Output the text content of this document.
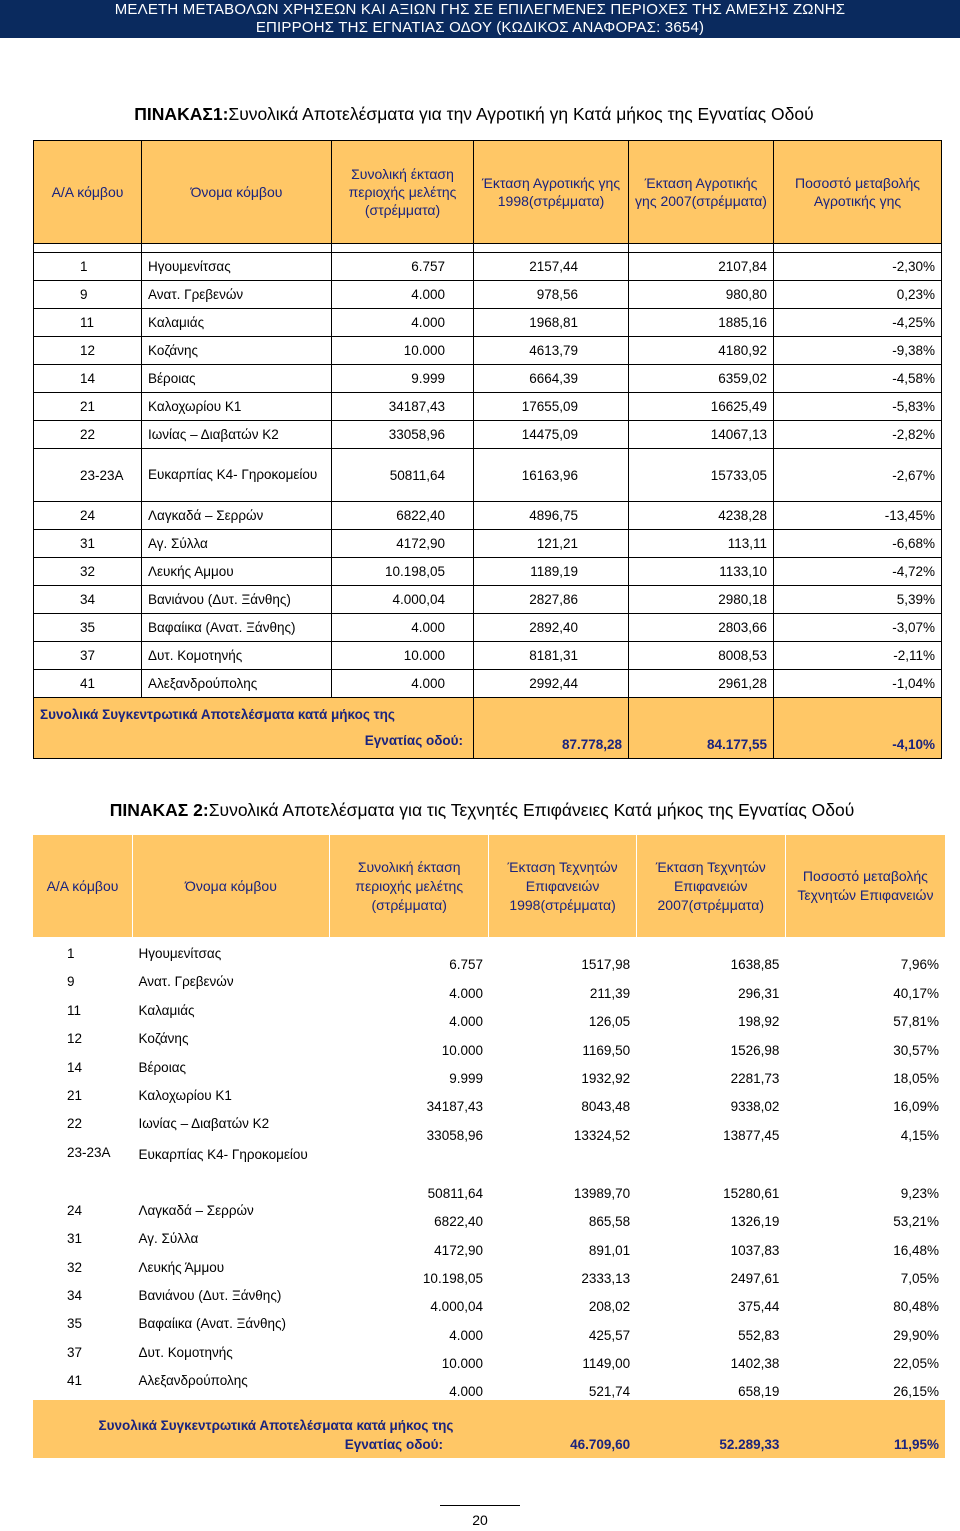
ΜΕΛΕΤΗ ΜΕΤΑΒΟΛΩΝ ΧΡΗΣΕΩΝ ΚΑΙ ΑΞΙΩΝ ΓΗΣ ΣΕ ΕΠΙΛΕΓΜΕΝΕΣ ΠΕΡΙΟΧΕΣ ΤΗΣ ΑΜΕΣΗΣ ΖΩΝΗΣ
ΕΠΙΡΡΟΗΣ ΤΗΣ ΕΓΝΑΤΙΑΣ ΟΔΟΥ (ΚΩΔΙΚΟΣ ΑΝΑΦΟΡΑΣ: 3654)
ΠΙΝΑΚΑΣ1:Συνολικά Αποτελέσματα για την Αγροτική γη Κατά μήκος της Εγνατίας Οδού
Α/Α κόμβου	Όνομα κόμβου	Συνολική έκταση περιοχής μελέτης (στρέμματα)	Έκταση Αγροτικής γης 1998(στρέμματα)	Έκταση Αγροτικής γης 2007(στρέμματα)	Ποσοστό μεταβολής Αγροτικής γης

1	Ηγουμενίτσας	6.757	2157,44	2107,84	-2,30%
9	Ανατ. Γρεβενών	4.000	978,56	980,80	0,23%
11	Καλαμιάς	4.000	1968,81	1885,16	-4,25%
12	Κοζάνης	10.000	4613,79	4180,92	-9,38%
14	Βέροιας	9.999	6664,39	6359,02	-4,58%
21	Καλοχωρίου Κ1	34187,43	17655,09	16625,49	-5,83%
22	Ιωνίας – Διαβατών Κ2	33058,96	14475,09	14067,13	-2,82%
23-23Α	Ευκαρπίας Κ4- Γηροκομείου	50811,64	16163,96	15733,05	-2,67%
24	Λαγκαδά – Σερρών	6822,40	4896,75	4238,28	-13,45%
31	Αγ. Σύλλα	4172,90	121,21	113,11	-6,68%
32	Λευκής Αμμου	10.198,05	1189,19	1133,10	-4,72%
34	Βανιάνου (Δυτ. Ξάνθης)	4.000,04	2827,86	2980,18	5,39%
35	Βαφαίικα (Ανατ. Ξάνθης)	4.000	2892,40	2803,66	-3,07%
37	Δυτ. Κομοτηνής	10.000	8181,31	8008,53	-2,11%
41	Αλεξανδρούπολης	4.000	2992,44	2961,28	-1,04%

Συνολικά Συγκεντρωτικά Αποτελέσματα κατά μήκος της
Εγνατίας οδού:			87.778,28	84.177,55	-4,10%
ΠΙΝΑΚΑΣ 2:Συνολικά Αποτελέσματα για τις Τεχνητές Επιφάνειες Κατά μήκος της Εγνατίας Οδού
Α/Α κόμβου	Όνομα κόμβου	Συνολική έκταση περιοχής μελέτης (στρέμματα)	Έκταση Τεχνητών Επιφανειών 1998(στρέμματα)	Έκταση Τεχνητών Επιφανειών 2007(στρέμματα)	Ποσοστό μεταβολής Τεχνητών Επιφανειών

1	Ηγουμενίτσας	6.757	1517,98	1638,85	7,96%
9	Ανατ. Γρεβενών	4.000	211,39	296,31	40,17%
11	Καλαμιάς	4.000	126,05	198,92	57,81%
12	Κοζάνης	10.000	1169,50	1526,98	30,57%
14	Βέροιας	9.999	1932,92	2281,73	18,05%
21	Καλοχωρίου Κ1	34187,43	8043,48	9338,02	16,09%
22	Ιωνίας – Διαβατών Κ2	33058,96	13324,52	13877,45	4,15%
23-23Α	Ευκαρπίας Κ4- Γηροκομείου	50811,64	13989,70	15280,61	9,23%
24	Λαγκαδά – Σερρών	6822,40	865,58	1326,19	53,21%
31	Αγ. Σύλλα	4172,90	891,01	1037,83	16,48%
32	Λευκής Άμμου	10.198,05	2333,13	2497,61	7,05%
34	Βανιάνου (Δυτ. Ξάνθης)	4.000,04	208,02	375,44	80,48%
35	Βαφαίικα (Ανατ. Ξάνθης)	4.000	425,57	552,83	29,90%
37	Δυτ. Κομοτηνής	10.000	1149,00	1402,38	22,05%
41	Αλεξανδρούπολης	4.000	521,74	658,19	26,15%

Συνολικά Συγκεντρωτικά Αποτελέσματα κατά μήκος της
Εγνατίας οδού:			46.709,60	52.289,33	11,95%
20
